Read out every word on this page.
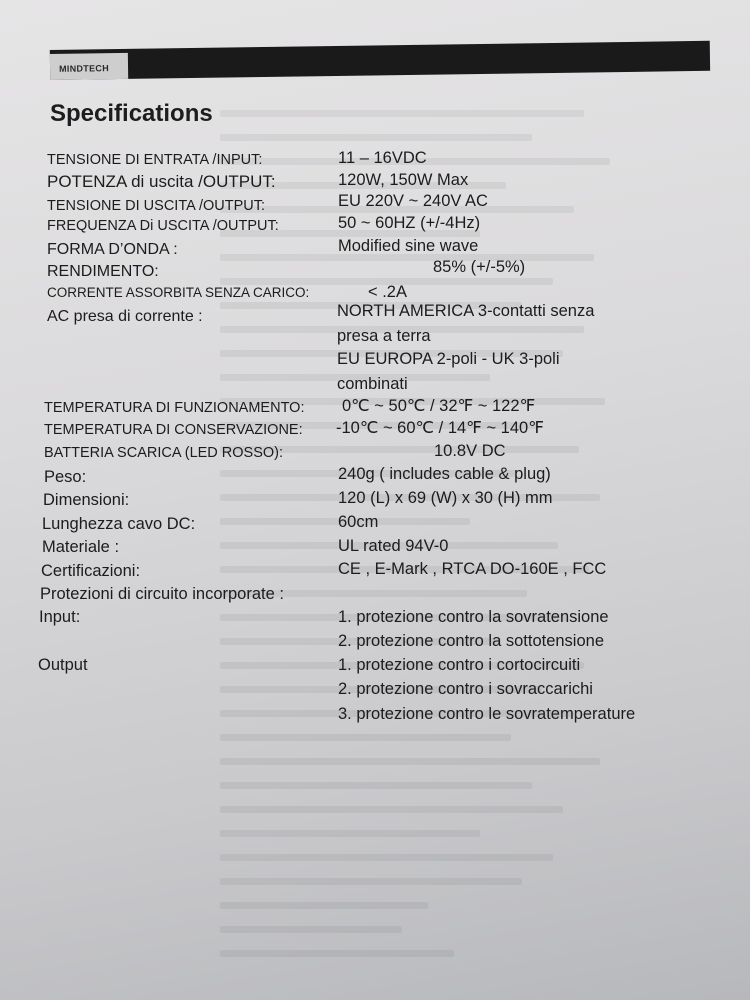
MINDTECH
Specifications
TENSIONE DI ENTRATA /INPUT:
POTENZA di uscita /OUTPUT:
TENSIONE DI USCITA /OUTPUT:
FREQUENZA Di USCITA /OUTPUT:
FORMA D’ONDA :
RENDIMENTO:
CORRENTE ASSORBITA SENZA CARICO:
AC presa di corrente :
TEMPERATURA DI FUNZIONAMENTO:
TEMPERATURA DI CONSERVAZIONE:
BATTERIA SCARICA (LED ROSSO):
Peso:
Dimensioni:
Lunghezza cavo DC:
Materiale :
Certificazioni:
Protezioni di circuito incorporate :
Input:
Output
11 – 16VDC
120W, 150W Max
EU 220V ~ 240V AC
50 ~ 60HZ (+/-4Hz)
Modified sine wave
85% (+/-5%)
< .2A
NORTH AMERICA 3-contatti senza
presa a terra
EU EUROPA 2-poli - UK 3-poli
combinati
0℃ ~ 50℃ / 32℉ ~ 122℉
-10℃ ~ 60℃ / 14℉ ~ 140℉
10.8V DC
240g ( includes cable & plug)
120 (L) x 69 (W) x 30 (H) mm
60cm
UL rated 94V-0
CE , E-Mark , RTCA DO-160E , FCC
1. protezione contro la sovratensione
2. protezione contro la sottotensione
1. protezione contro i cortocircuiti
2. protezione contro i sovraccarichi
3. protezione contro le sovratemperature
